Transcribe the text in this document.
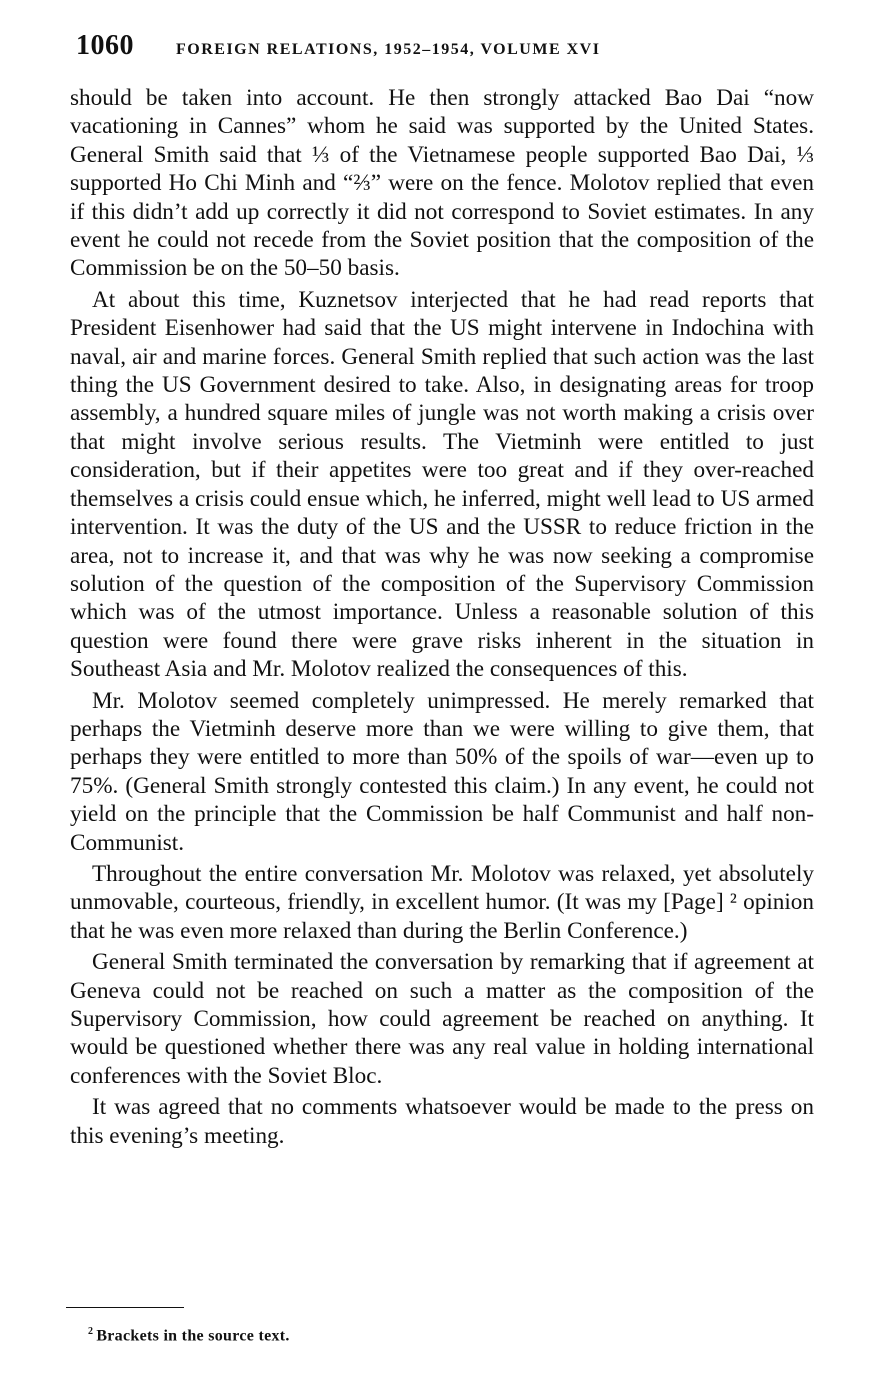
1060	FOREIGN RELATIONS, 1952–1954, VOLUME XVI

should be taken into account. He then strongly attacked Bao Dai “now vacationing in Cannes” whom he said was supported by the United States. General Smith said that ⅓ of the Vietnamese people supported Bao Dai, ⅓ supported Ho Chi Minh and “⅔” were on the fence. Molotov replied that even if this didn’t add up correctly it did not correspond to Soviet estimates. In any event he could not recede from the Soviet position that the composition of the Commission be on the 50–50 basis.

At about this time, Kuznetsov interjected that he had read reports that President Eisenhower had said that the US might intervene in Indochina with naval, air and marine forces. General Smith replied that such action was the last thing the US Government desired to take. Also, in designating areas for troop assembly, a hundred square miles of jungle was not worth making a crisis over that might involve serious results. The Vietminh were entitled to just consideration, but if their appetites were too great and if they over-reached themselves a crisis could ensue which, he inferred, might well lead to US armed intervention. It was the duty of the US and the USSR to reduce friction in the area, not to increase it, and that was why he was now seeking a compromise solution of the question of the composition of the Supervisory Commission which was of the utmost importance. Unless a reasonable solution of this question were found there were grave risks inherent in the situation in Southeast Asia and Mr. Molotov realized the consequences of this.

Mr. Molotov seemed completely unimpressed. He merely remarked that perhaps the Vietminh deserve more than we were willing to give them, that perhaps they were entitled to more than 50% of the spoils of war—even up to 75%. (General Smith strongly contested this claim.) In any event, he could not yield on the principle that the Commission be half Communist and half non-Communist.

Throughout the entire conversation Mr. Molotov was relaxed, yet absolutely unmovable, courteous, friendly, in excellent humor. (It was my [Page] ² opinion that he was even more relaxed than during the Berlin Conference.)

General Smith terminated the conversation by remarking that if agreement at Geneva could not be reached on such a matter as the composition of the Supervisory Commission, how could agreement be reached on anything. It would be questioned whether there was any real value in holding international conferences with the Soviet Bloc.

It was agreed that no comments whatsoever would be made to the press on this evening’s meeting.

$^2$ Brackets in the source text.
